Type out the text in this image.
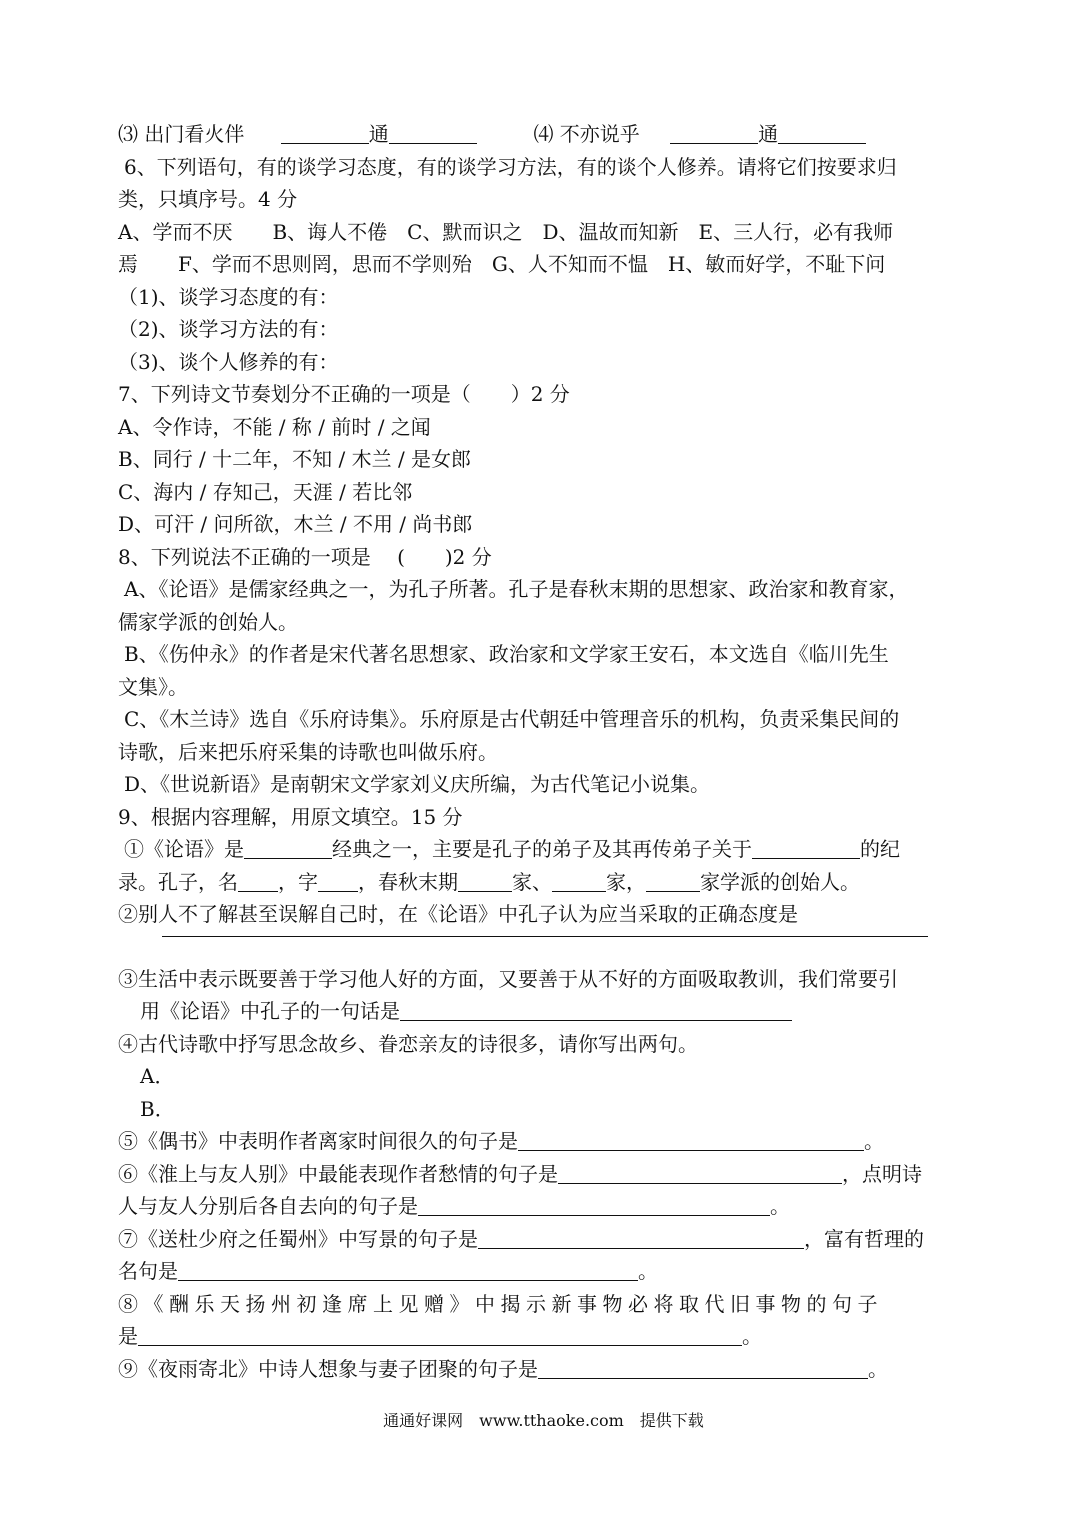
⑶ 出门看火伴	通	⑷ 不亦说乎	通
6、下列语句，有的谈学习态度，有的谈学习方法，有的谈个人修养。请将它们按要求归
类，只填序号。4 分
A、学而不厌　　B、诲人不倦　C、默而识之　D、温故而知新　E、三人行，必有我师
焉　　F、学而不思则罔，思而不学则殆　G、人不知而不愠　H、敏而好学，不耻下问
（1)、谈学习态度的有：
（2)、谈学习方法的有：
（3)、谈个人修养的有：
7、下列诗文节奏划分不正确的一项是（　　）2 分
A、令作诗，不能 / 称 / 前时 / 之闻
B、同行 / 十二年，不知 / 木兰 / 是女郎
C、海内 / 存知己，天涯 / 若比邻
D、可汗 / 问所欲，木兰 / 不用 / 尚书郎
8、下列说法不正确的一项是　 (　　)2 分
A、《论语》是儒家经典之一，为孔子所著。孔子是春秋末期的思想家、政治家和教育家，
儒家学派的创始人。
B、《伤仲永》的作者是宋代著名思想家、政治家和文学家王安石，本文选自《临川先生
文集》。
C、《木兰诗》选自《乐府诗集》。乐府原是古代朝廷中管理音乐的机构，负责采集民间的
诗歌，后来把乐府采集的诗歌也叫做乐府。
D、《世说新语》是南朝宋文学家刘义庆所编，为古代笔记小说集。
9、根据内容理解，用原文填空。15 分
①《论语》是	经典之一，主要是孔子的弟子及其再传弟子关于	的纪
录。孔子，名 ，字 ，春秋末期	家、	家，	家学派的创始人。
②别人不了解甚至误解自己时，在《论语》中孔子认为应当采取的正确态度是
③生活中表示既要善于学习他人好的方面，又要善于从不好的方面吸取教训，我们常要引
用《论语》中孔子的一句话是
④古代诗歌中抒写思念故乡、眷恋亲友的诗很多，请你写出两句。
A．
B．
⑤《偶书》中表明作者离家时间很久的句子是	。
⑥《淮上与友人别》中最能表现作者愁情的句子是	，点明诗
人与友人分别后各自去向的句子是	。
⑦《送杜少府之任蜀州》中写景的句子是	，富有哲理的
名句是	。
⑧《酬乐天扬州初逢席上见赠》中揭示新事物必将取代旧事物的句子
是	。
⑨《夜雨寄北》中诗人想象与妻子团聚的句子是	。
通通好课网　www.tthaoke.com　提供下载
